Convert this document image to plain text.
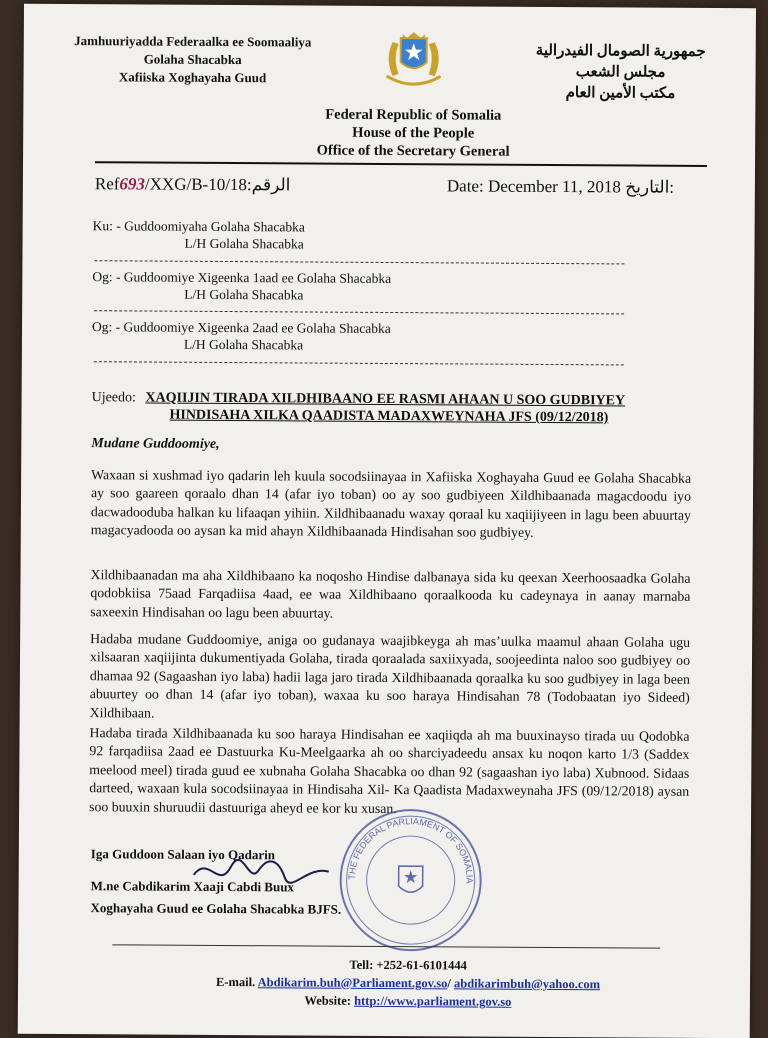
Jamhuuriyadda Federaalka ee Soomaaliya
Golaha Shacabka
Xafiiska Xoghayaha Guud
جمهورية الصومال الفيدرالية
مجلس الشعب
مكتب الأمين العام
Federal Republic of Somalia
House of the People
Office of the Secretary General
Ref693/XXG/B-10/18:الرقم	Date: December 11, 2018 التاريخ:
Ku: - Guddoomiyaha Golaha Shacabka
L/H Golaha Shacabka
Og: - Guddoomiye Xigeenka 1aad ee Golaha Shacabka
L/H Golaha Shacabka
Og: - Guddoomiye Xigeenka 2aad ee Golaha Shacabka
L/H Golaha Shacabka
Ujeedo: XAQIIJIN TIRADA XILDHIBAANO EE RASMI AHAAN U SOO GUDBIYEY
HINDISAHA XILKA QAADISTA MADAXWEYNAHA JFS (09/12/2018)
Mudane Guddoomiye,
Waxaan si xushmad iyo qadarin leh kuula socodsiinayaa in Xafiiska Xoghayaha Guud ee Golaha Shacabka ay soo gaareen qoraalo dhan 14 (afar iyo toban) oo ay soo gudbiyeen Xildhibaanada magacdoodu iyo dacwadooduba halkan ku lifaaqan yihiin. Xildhibaanadu waxay qoraal ku xaqiijiyeen in lagu been abuurtay magacyadooda oo aysan ka mid ahayn Xildhibaanada Hindisahan soo gudbiyey.
Xildhibaanadan ma aha Xildhibaano ka noqosho Hindise dalbanaya sida ku qeexan Xeerhoosaadka Golaha qodobkiisa 75aad Farqadiisa 4aad, ee waa Xildhibaano qoraalkooda ku cadeynaya in aanay marnaba saxeexin Hindisahan oo lagu been abuurtay.
Hadaba mudane Guddoomiye, aniga oo gudanaya waajibkeyga ah mas’uulka maamul ahaan Golaha ugu xilsaaran xaqiijinta dukumentiyada Golaha, tirada qoraalada saxiixyada, soojeedinta naloo soo gudbiyey oo dhamaa 92 (Sagaashan iyo laba) hadii laga jaro tirada Xildhibaanada qoraalka ku soo gudbiyey in laga been abuurtey oo dhan 14 (afar iyo toban), waxaa ku soo haraya Hindisahan 78 (Todobaatan iyo Sideed) Xildhibaan.
Hadaba tirada Xildhibaanada ku soo haraya Hindisahan ee xaqiiqda ah ma buuxinayso tirada uu Qodobka 92 farqadiisa 2aad ee Dastuurka Ku-Meelgaarka ah oo sharciyadeedu ansax ku noqon karto 1/3 (Saddex meelood meel) tirada guud ee xubnaha Golaha Shacabka oo dhan 92 (sagaashan iyo laba) Xubnood. Sidaas darteed, waxaan kula socodsiinayaa in Hindisaha Xil- Ka Qaadista Madaxweynaha JFS (09/12/2018) aysan soo buuxin shuruudii dastuuriga aheyd ee kor ku xusan.
Iga Guddoon Salaan iyo Qadarin
M.ne Cabdikarim Xaaji Cabdi Buux
Xoghayaha Guud ee Golaha Shacabka BJFS.
THE FEDERAL PARLIAMENT OF SOMALIA
Tell: +252-61-6101444
E-mail. Abdikarim.buh@Parliament.gov.so/ abdikarimbuh@yahoo.com
Website: http://www.parliament.gov.so
